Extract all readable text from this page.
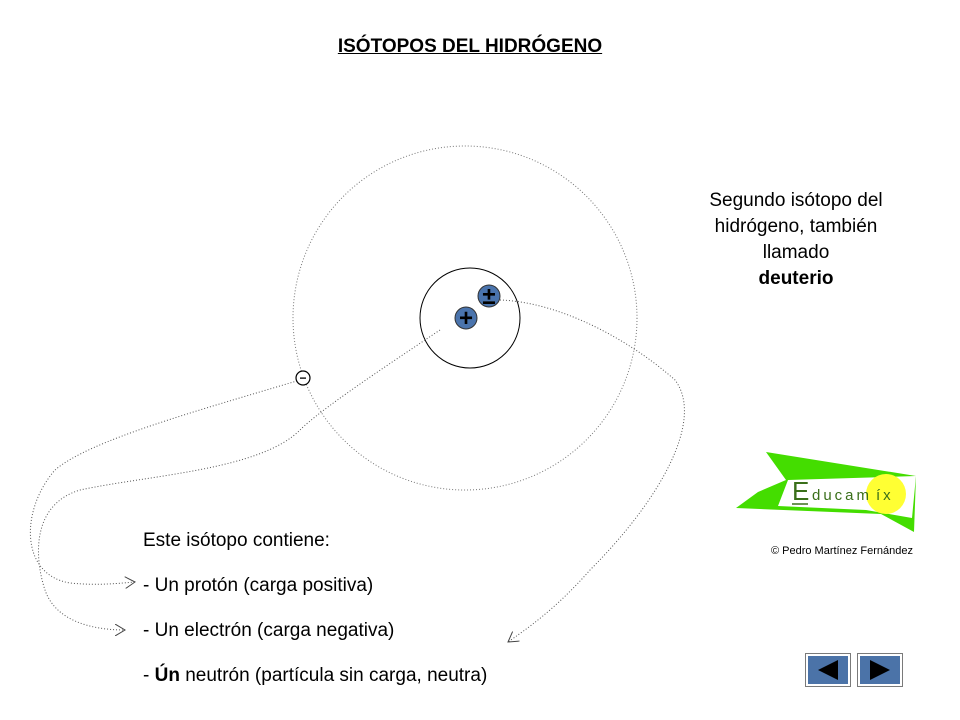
ISÓTOPOS DEL HIDRÓGENO
±
+
−
Segundo isótopo del
hidrógeno, también
llamado
deuterio
Este isótopo contiene:
- Un protón (carga positiva)
- Un electrón (carga negativa)
- Ún neutrón (partícula sin carga, neutra)
E ducam íx
© Pedro Martínez Fernández
